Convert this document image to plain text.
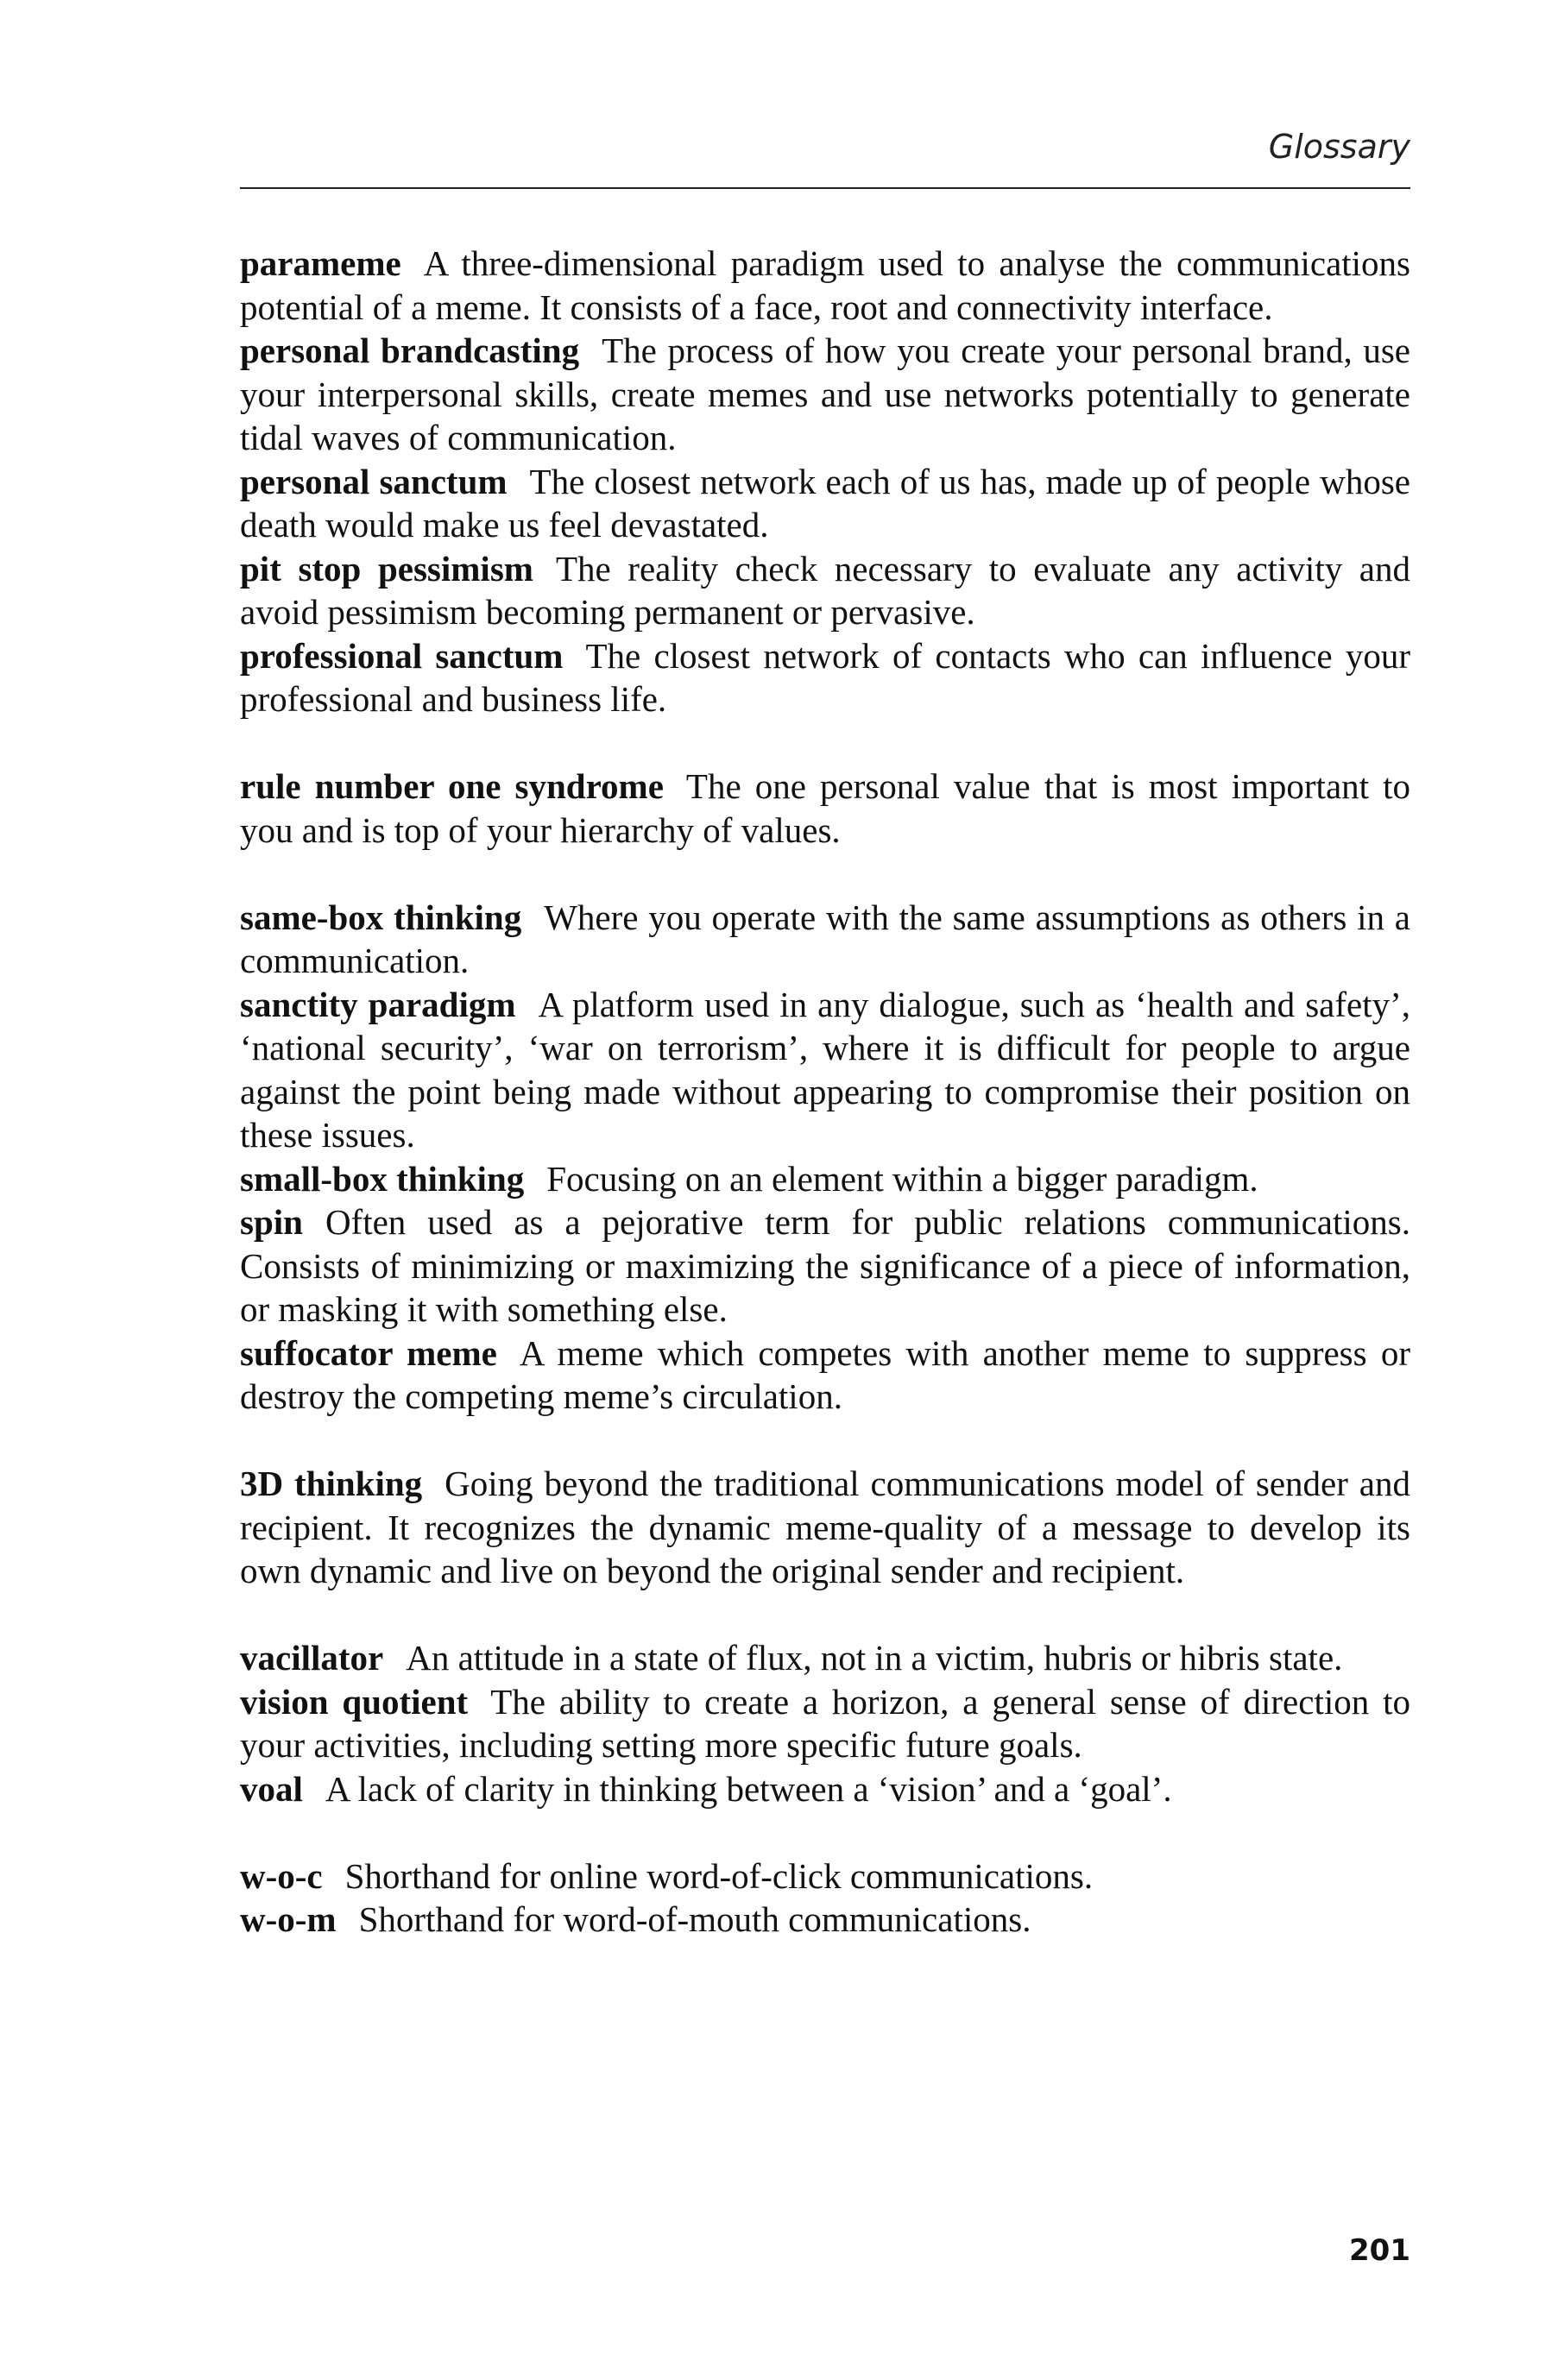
Glossary

parameme A three-dimensional paradigm used to analyse the communications potential of a meme. It consists of a face, root and connectivity interface.

personal brandcasting The process of how you create your personal brand, use your interpersonal skills, create memes and use networks potentially to generate tidal waves of communication.

personal sanctum The closest network each of us has, made up of people whose death would make us feel devastated.

pit stop pessimism The reality check necessary to evaluate any activity and avoid pessimism becoming permanent or pervasive.

professional sanctum The closest network of contacts who can influence your professional and business life.

rule number one syndrome The one personal value that is most important to you and is top of your hierarchy of values.

same-box thinking Where you operate with the same assumptions as others in a communication.

sanctity paradigm A platform used in any dialogue, such as ‘health and safety’, ‘national security’, ‘war on terrorism’, where it is difficult for people to argue against the point being made without appearing to compromise their position on these issues.

small-box thinking Focusing on an element within a bigger paradigm.

spin Often used as a pejorative term for public relations communications. Consists of minimizing or maximizing the significance of a piece of information, or masking it with something else.

suffocator meme A meme which competes with another meme to suppress or destroy the competing meme’s circulation.

3D thinking Going beyond the traditional communications model of sender and recipient. It recognizes the dynamic meme-quality of a message to develop its own dynamic and live on beyond the original sender and recipient.

vacillator An attitude in a state of flux, not in a victim, hubris or hibris state.

vision quotient The ability to create a horizon, a general sense of direction to your activities, including setting more specific future goals.

voal A lack of clarity in thinking between a ‘vision’ and a ‘goal’.

w-o-c Shorthand for online word-of-click communications.

w-o-m Shorthand for word-of-mouth communications.

201
